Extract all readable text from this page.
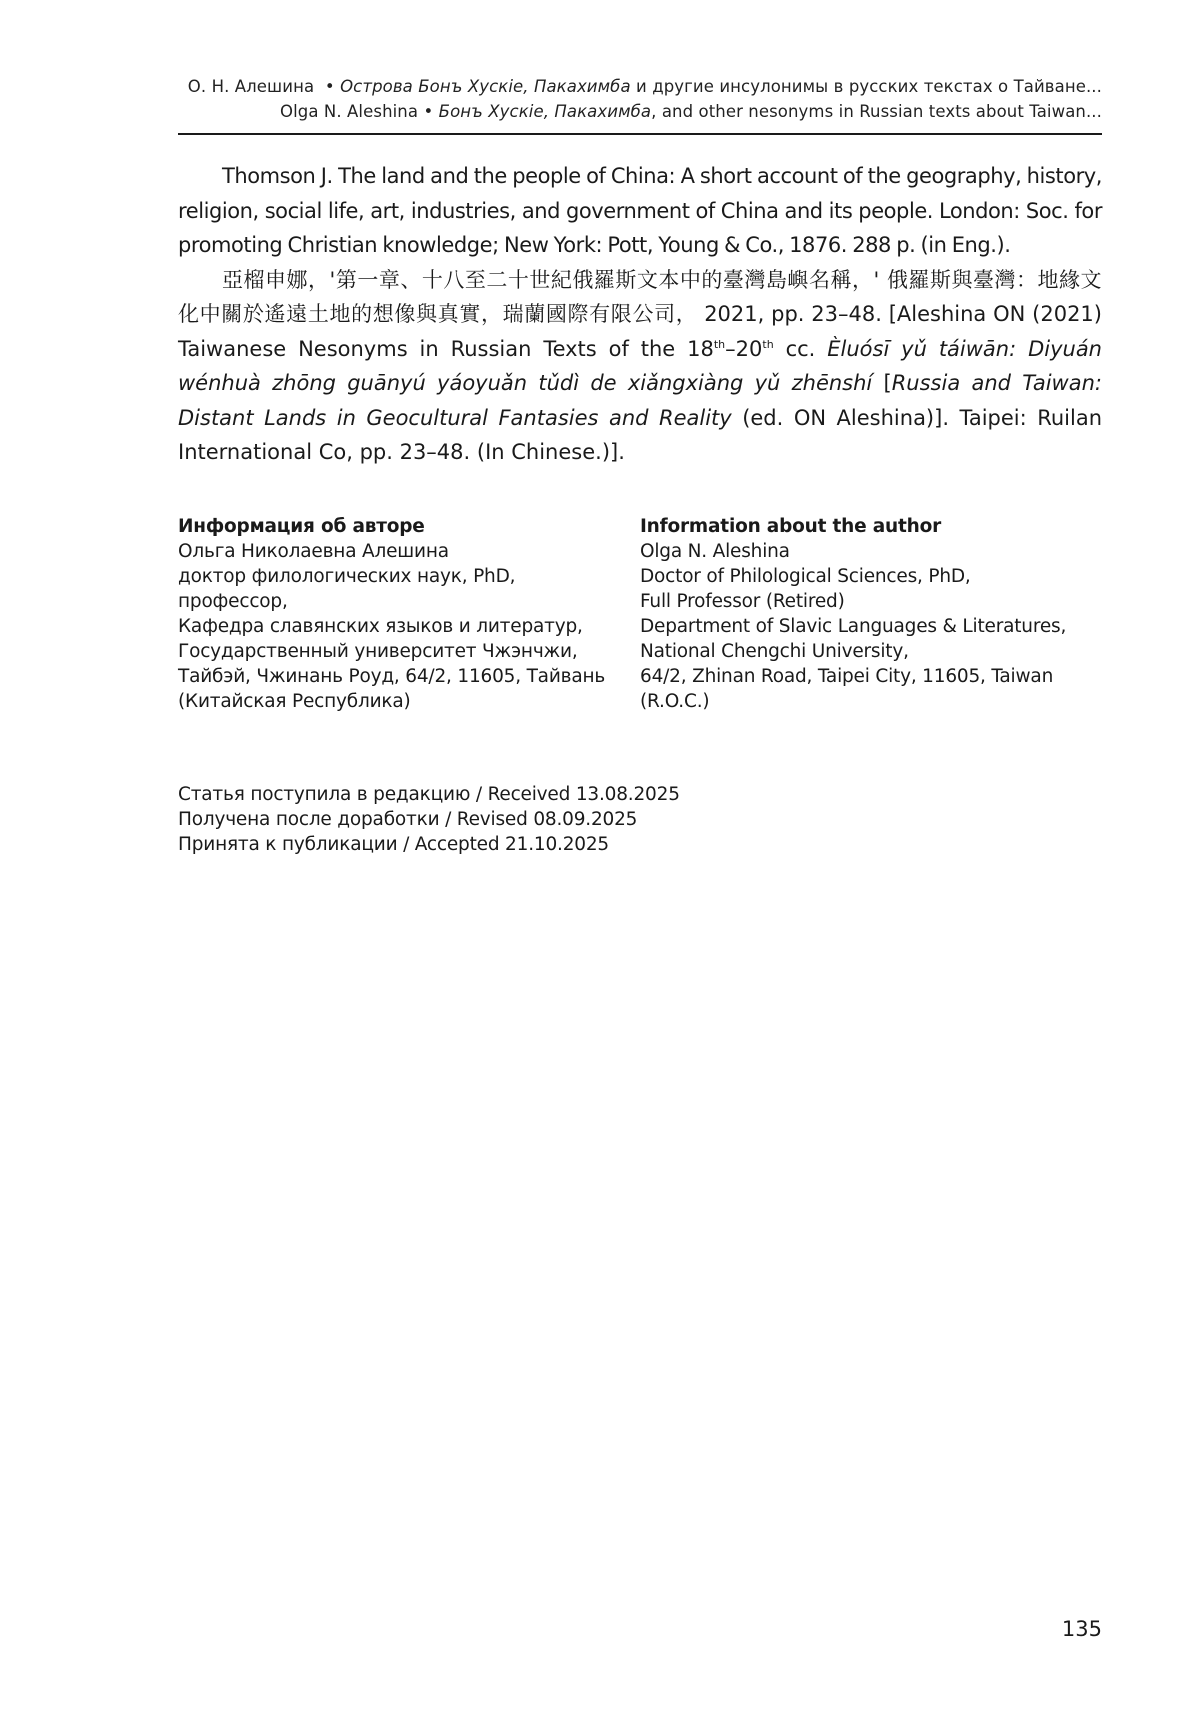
О. Н. Алешина • Острова Бонъ Хускiе, Пакахимба и другие инсулонимы в русских текстах о Тайване...
Olga N. Aleshina • Бонъ Хускiе, Пакахимба, and other nesonyms in Russian texts about Taiwan...

Thomson J. The land and the people of China: A short account of the geography, history, religion, social life, art, industries, and government of China and its people. London: Soc. for promoting Christian knowledge; New York: Pott, Young & Co., 1876. 288 p. (in Eng.).

亞榴申娜，'第一章、十八至二十世紀俄羅斯文本中的臺灣島嶼名稱，' 俄羅斯與臺灣：地緣文化中關於遙遠土地的想像與真實，瑞蘭國際有限公司， 2021, pp. 23–48. [Aleshina ON (2021) Taiwanese Nesonyms in Russian Texts of the 18th–20th cc. Èluósī yǔ táiwān: Diyuán wénhuà zhōng guānyú yáoyuǎn tǔdì de xiǎngxiàng yǔ zhēnshí [Russia and Taiwan: Distant Lands in Geocultural Fantasies and Reality (ed. ON Aleshina)]. Taipei: Ruilan International Co, pp. 23–48. (In Chinese.)].

Информация об авторе
Ольга Николаевна Алешина
доктор филологических наук, PhD,
профессор,
Кафедра славянских языков и литератур,
Государственный университет Чжэнчжи,
Тайбэй, Чжинань Роуд, 64/2, 11605, Тайвань
(Китайская Республика)
Information about the author
Olga N. Aleshina
Doctor of Philological Sciences, PhD,
Full Professor (Retired)
Department of Slavic Languages & Literatures,
National Chengchi University,
64/2, Zhinan Road, Taipei City, 11605, Taiwan
(R.O.C.)
Статья поступила в редакцию / Received 13.08.2025
Получена после доработки / Revised 08.09.2025
Принята к публикации / Accepted 21.10.2025
135
